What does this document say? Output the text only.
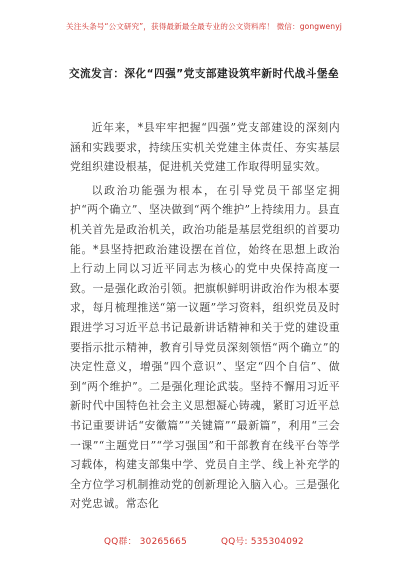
关注头条号“公文研究”，获得最新最全最专业的公文资料库！ 微信：gongwenyj
交流发言：深化“四强”党支部建设筑牢新时代战斗堡垒

近年来，*县牢牢把握“四强”党支部建设的深刻内涵和实践要求，持续压实机关党建主体责任、夯实基层党组织建设根基，促进机关党建工作取得明显实效。

以政治功能强为根本，在引导党员干部坚定拥护“两个确立”、坚决做到“两个维护”上持续用力。县直机关首先是政治机关，政治功能是基层党组织的首要功能。*县坚持把政治建设摆在首位，始终在思想上政治上行动上同以习近平同志为核心的党中央保持高度一致。一是强化政治引领。把旗帜鲜明讲政治作为根本要求，每月梳理推送“第一议题”学习资料，组织党员及时跟进学习习近平总书记最新讲话精神和关于党的建设重要指示批示精神，教育引导党员深刻领悟“两个确立”的决定性意义，增强“四个意识”、坚定“四个自信”、做到“两个维护”。二是强化理论武装。坚持不懈用习近平新时代中国特色社会主义思想凝心铸魂，紧盯习近平总书记重要讲话“安徽篇”“关键篇”“最新篇”，利用“三会一课”“主题党日”“学习强国”和干部教育在线平台等学习载体，构建支部集中学、党员自主学、线上补充学的全方位学习机制推动党的创新理论入脑入心。三是强化对党忠诚。常态化

QQ群： 30265665	QQ号: 535304092
